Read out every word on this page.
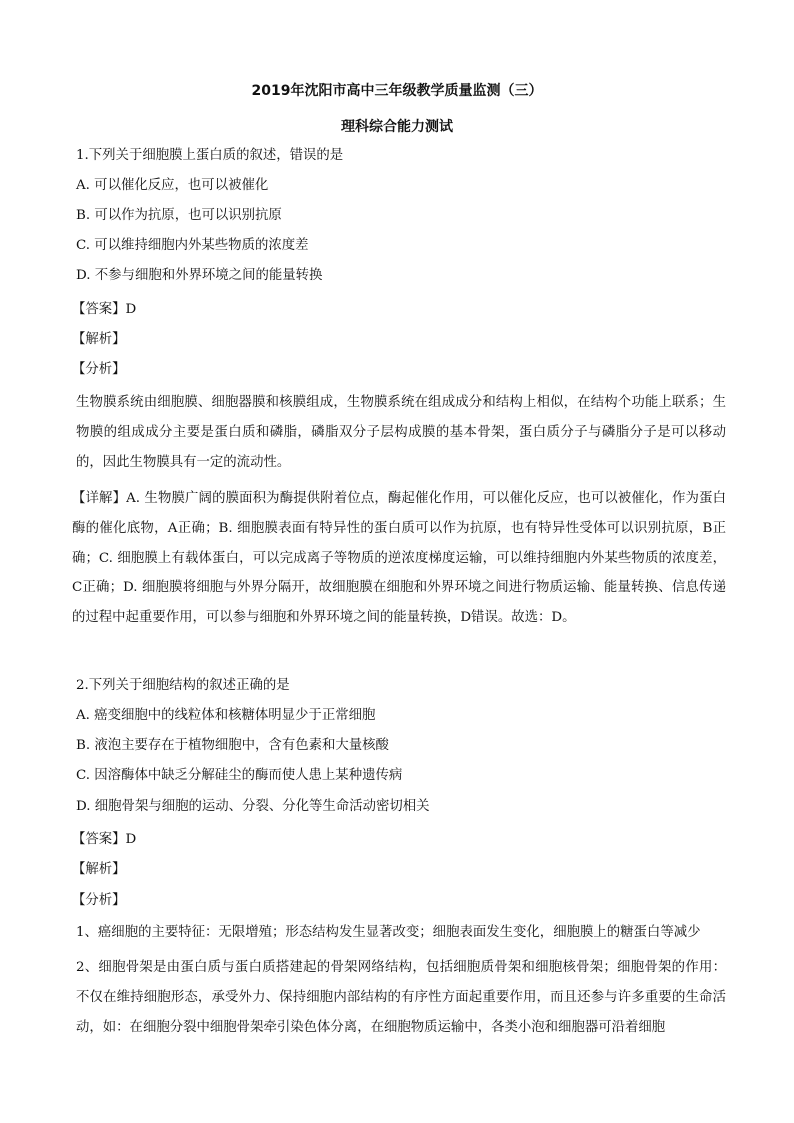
2019年沈阳市高中三年级教学质量监测（三）
理科综合能力测试
1.下列关于细胞膜上蛋白质的叙述，错误的是
A. 可以催化反应，也可以被催化
B. 可以作为抗原，也可以识别抗原
C. 可以维持细胞内外某些物质的浓度差
D. 不参与细胞和外界环境之间的能量转换
【答案】D
【解析】
【分析】
生物膜系统由细胞膜、细胞器膜和核膜组成，生物膜系统在组成成分和结构上相似，在结构个功能上联系；生物膜的组成成分主要是蛋白质和磷脂，磷脂双分子层构成膜的基本骨架，蛋白质分子与磷脂分子是可以移动的，因此生物膜具有一定的流动性。
【详解】A. 生物膜广阔的膜面积为酶提供附着位点，酶起催化作用，可以催化反应，也可以被催化，作为蛋白酶的催化底物，A正确；B. 细胞膜表面有特异性的蛋白质可以作为抗原，也有特异性受体可以识别抗原，B正确；C. 细胞膜上有载体蛋白，可以完成离子等物质的逆浓度梯度运输，可以维持细胞内外某些物质的浓度差，C正确；D. 细胞膜将细胞与外界分隔开，故细胞膜在细胞和外界环境之间进行物质运输、能量转换、信息传递的过程中起重要作用，可以参与细胞和外界环境之间的能量转换，D错误。故选：D。
2.下列关于细胞结构的叙述正确的是
A. 癌变细胞中的线粒体和核糖体明显少于正常细胞
B. 液泡主要存在于植物细胞中，含有色素和大量核酸
C. 因溶酶体中缺乏分解硅尘的酶而使人患上某种遗传病
D. 细胞骨架与细胞的运动、分裂、分化等生命活动密切相关
【答案】D
【解析】
【分析】
1、癌细胞的主要特征：无限增殖；形态结构发生显著改变；细胞表面发生变化，细胞膜上的糖蛋白等减少
2、细胞骨架是由蛋白质与蛋白质搭建起的骨架网络结构，包括细胞质骨架和细胞核骨架；细胞骨架的作用：不仅在维持细胞形态，承受外力、保持细胞内部结构的有序性方面起重要作用，而且还参与许多重要的生命活动，如：在细胞分裂中细胞骨架牵引染色体分离，在细胞物质运输中，各类小泡和细胞器可沿着细胞
